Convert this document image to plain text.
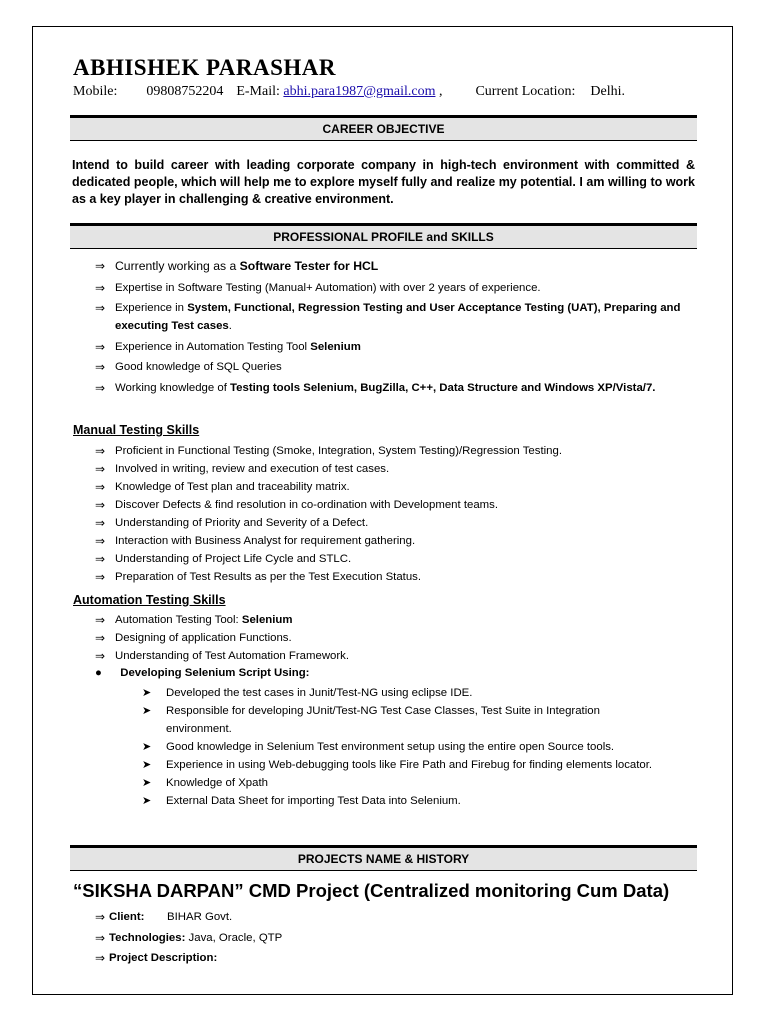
ABHISHEK PARASHAR
Mobile: 09808752204 E-Mail: abhi.para1987@gmail.com , Current Location: Delhi.
CAREER OBJECTIVE
Intend to build career with leading corporate company in high-tech environment with committed & dedicated people, which will help me to explore myself fully and realize my potential. I am willing to work as a key player in challenging & creative environment.
PROFESSIONAL PROFILE and SKILLS
⇒ Currently working as a Software Tester for HCL
⇒ Expertise in Software Testing (Manual+ Automation) with over 2 years of experience.
⇒ Experience in System, Functional, Regression Testing and User Acceptance Testing (UAT), Preparing and executing Test cases.
⇒ Experience in Automation Testing Tool Selenium
⇒ Good knowledge of SQL Queries
⇒ Working knowledge of Testing tools Selenium, BugZilla, C++, Data Structure and Windows XP/Vista/7.
Manual Testing Skills
⇒ Proficient in Functional Testing (Smoke, Integration, System Testing)/Regression Testing.
⇒ Involved in writing, review and execution of test cases.
⇒ Knowledge of Test plan and traceability matrix.
⇒ Discover Defects & find resolution in co-ordination with Development teams.
⇒ Understanding of Priority and Severity of a Defect.
⇒ Interaction with Business Analyst for requirement gathering.
⇒ Understanding of Project Life Cycle and STLC.
⇒ Preparation of Test Results as per the Test Execution Status.
Automation Testing Skills
⇒ Automation Testing Tool: Selenium
⇒ Designing of application Functions.
⇒ Understanding of Test Automation Framework.
● Developing Selenium Script Using:
➤ Developed the test cases in Junit/Test-NG using eclipse IDE.
➤ Responsible for developing JUnit/Test-NG Test Case Classes, Test Suite in Integration environment.
➤ Good knowledge in Selenium Test environment setup using the entire open Source tools.
➤ Experience in using Web-debugging tools like Fire Path and Firebug for finding elements locator.
➤ Knowledge of Xpath
➤ External Data Sheet for importing Test Data into Selenium.
PROJECTS NAME & HISTORY
“SIKSHA DARPAN” CMD Project (Centralized monitoring Cum Data)
⇒ Client: BIHAR Govt.
⇒ Technologies: Java, Oracle, QTP
⇒ Project Description:
